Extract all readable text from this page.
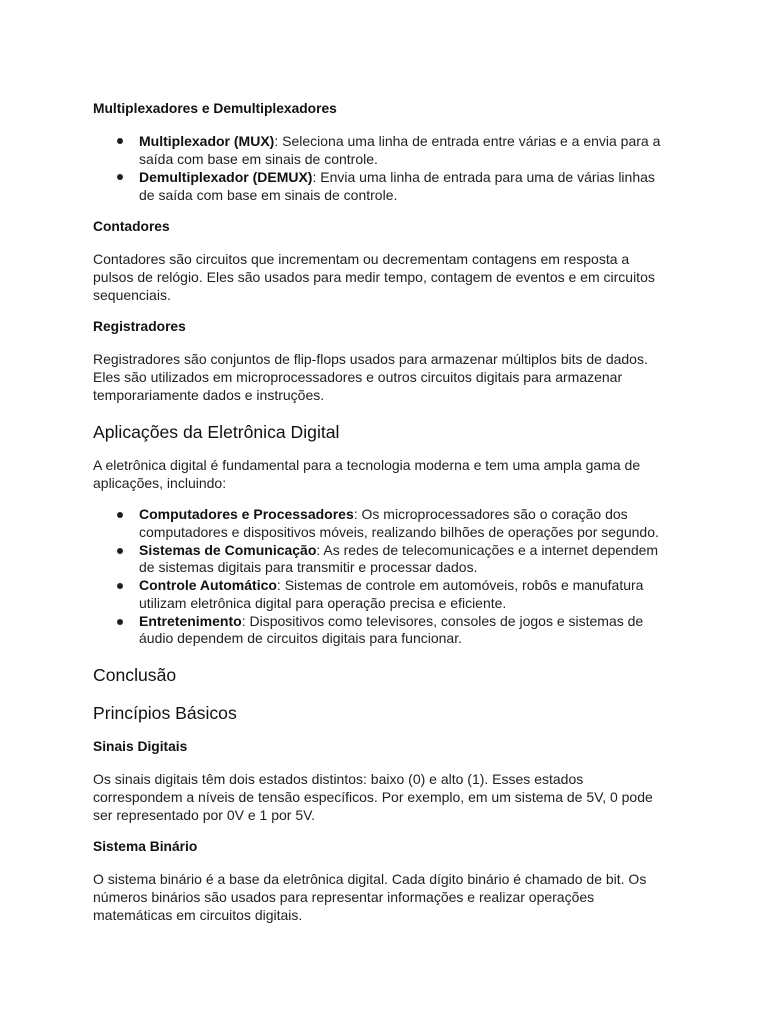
Multiplexadores e Demultiplexadores
Multiplexador (MUX): Seleciona uma linha de entrada entre várias e a envia para a
saída com base em sinais de controle.
Demultiplexador (DEMUX): Envia uma linha de entrada para uma de várias linhas
de saída com base em sinais de controle.
Contadores

Contadores são circuitos que incrementam ou decrementam contagens em resposta a
pulsos de relógio. Eles são usados para medir tempo, contagem de eventos e em circuitos
sequenciais.

Registradores

Registradores são conjuntos de flip-flops usados para armazenar múltiplos bits de dados.
Eles são utilizados em microprocessadores e outros circuitos digitais para armazenar
temporariamente dados e instruções.

Aplicações da Eletrônica Digital

A eletrônica digital é fundamental para a tecnologia moderna e tem uma ampla gama de
aplicações, incluindo:

Computadores e Processadores: Os microprocessadores são o coração dos
computadores e dispositivos móveis, realizando bilhões de operações por segundo.
Sistemas de Comunicação: As redes de telecomunicações e a internet dependem
de sistemas digitais para transmitir e processar dados.
Controle Automático: Sistemas de controle em automóveis, robôs e manufatura
utilizam eletrônica digital para operação precisa e eficiente.
Entretenimento: Dispositivos como televisores, consoles de jogos e sistemas de
áudio dependem de circuitos digitais para funcionar.
Conclusão
Princípios Básicos
Sinais Digitais

Os sinais digitais têm dois estados distintos: baixo (0) e alto (1). Esses estados
correspondem a níveis de tensão específicos. Por exemplo, em um sistema de 5V, 0 pode
ser representado por 0V e 1 por 5V.

Sistema Binário

O sistema binário é a base da eletrônica digital. Cada dígito binário é chamado de bit. Os
números binários são usados para representar informações e realizar operações
matemáticas em circuitos digitais.
